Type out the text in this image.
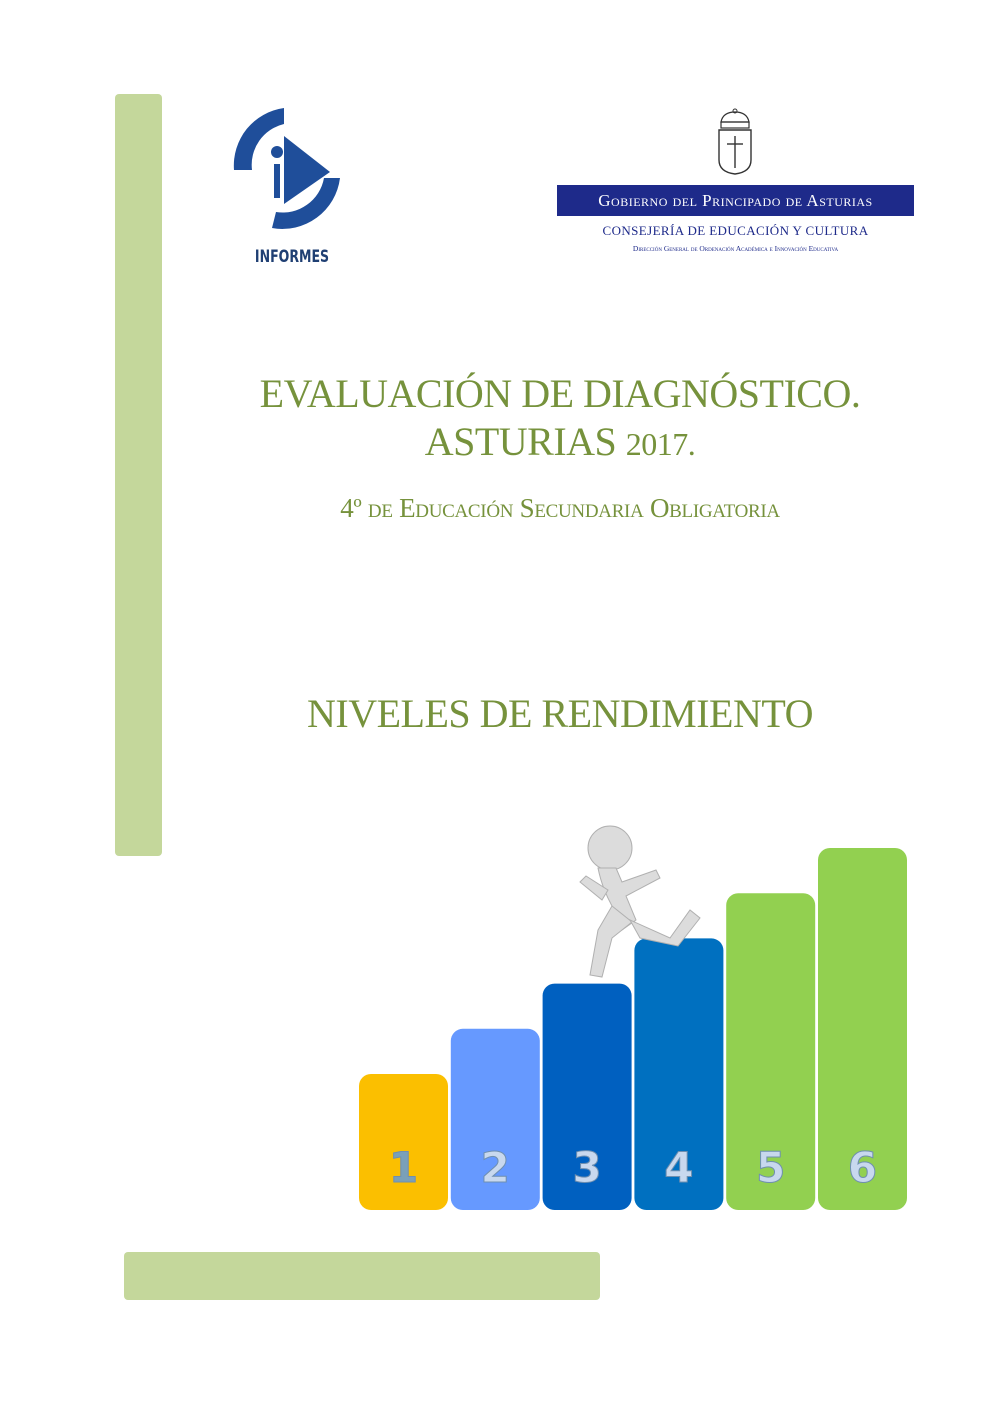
INFORMES
Gobierno del Principado de Asturias
CONSEJERÍA DE EDUCACIÓN Y CULTURA
Dirección General de Ordenación Académica e Innovación Educativa
EVALUACIÓN DE DIAGNÓSTICO.
ASTURIAS 2017.
4º de Educación Secundaria Obligatoria
NIVELES DE RENDIMIENTO
1 2 3 4 5 6
